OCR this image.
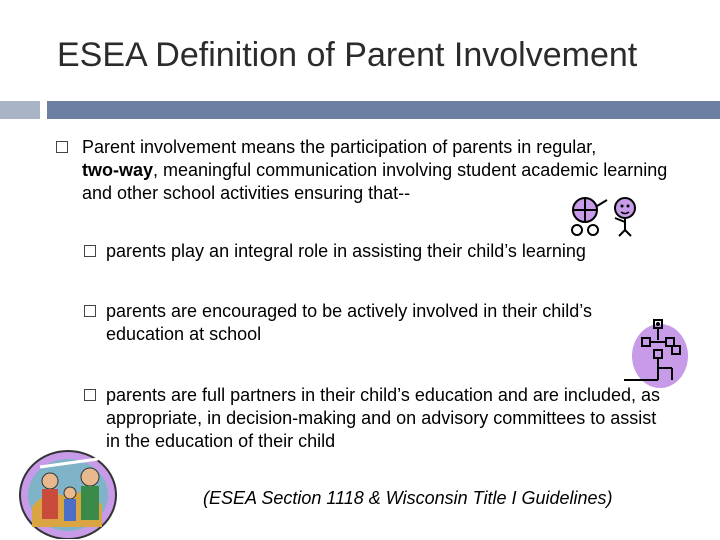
ESEA Definition of Parent Involvement
Parent involvement means the participation of parents in regular,
two-way, meaningful communication involving student academic learning and other school activities ensuring that--
parents play an integral role in assisting their child’s learning
parents are encouraged to be actively involved in their child’s education at school
parents are full partners in their child’s education and are included, as appropriate, in decision-making and on advisory committees to assist in the education of their child
(ESEA Section 1118 & Wisconsin Title I Guidelines)
